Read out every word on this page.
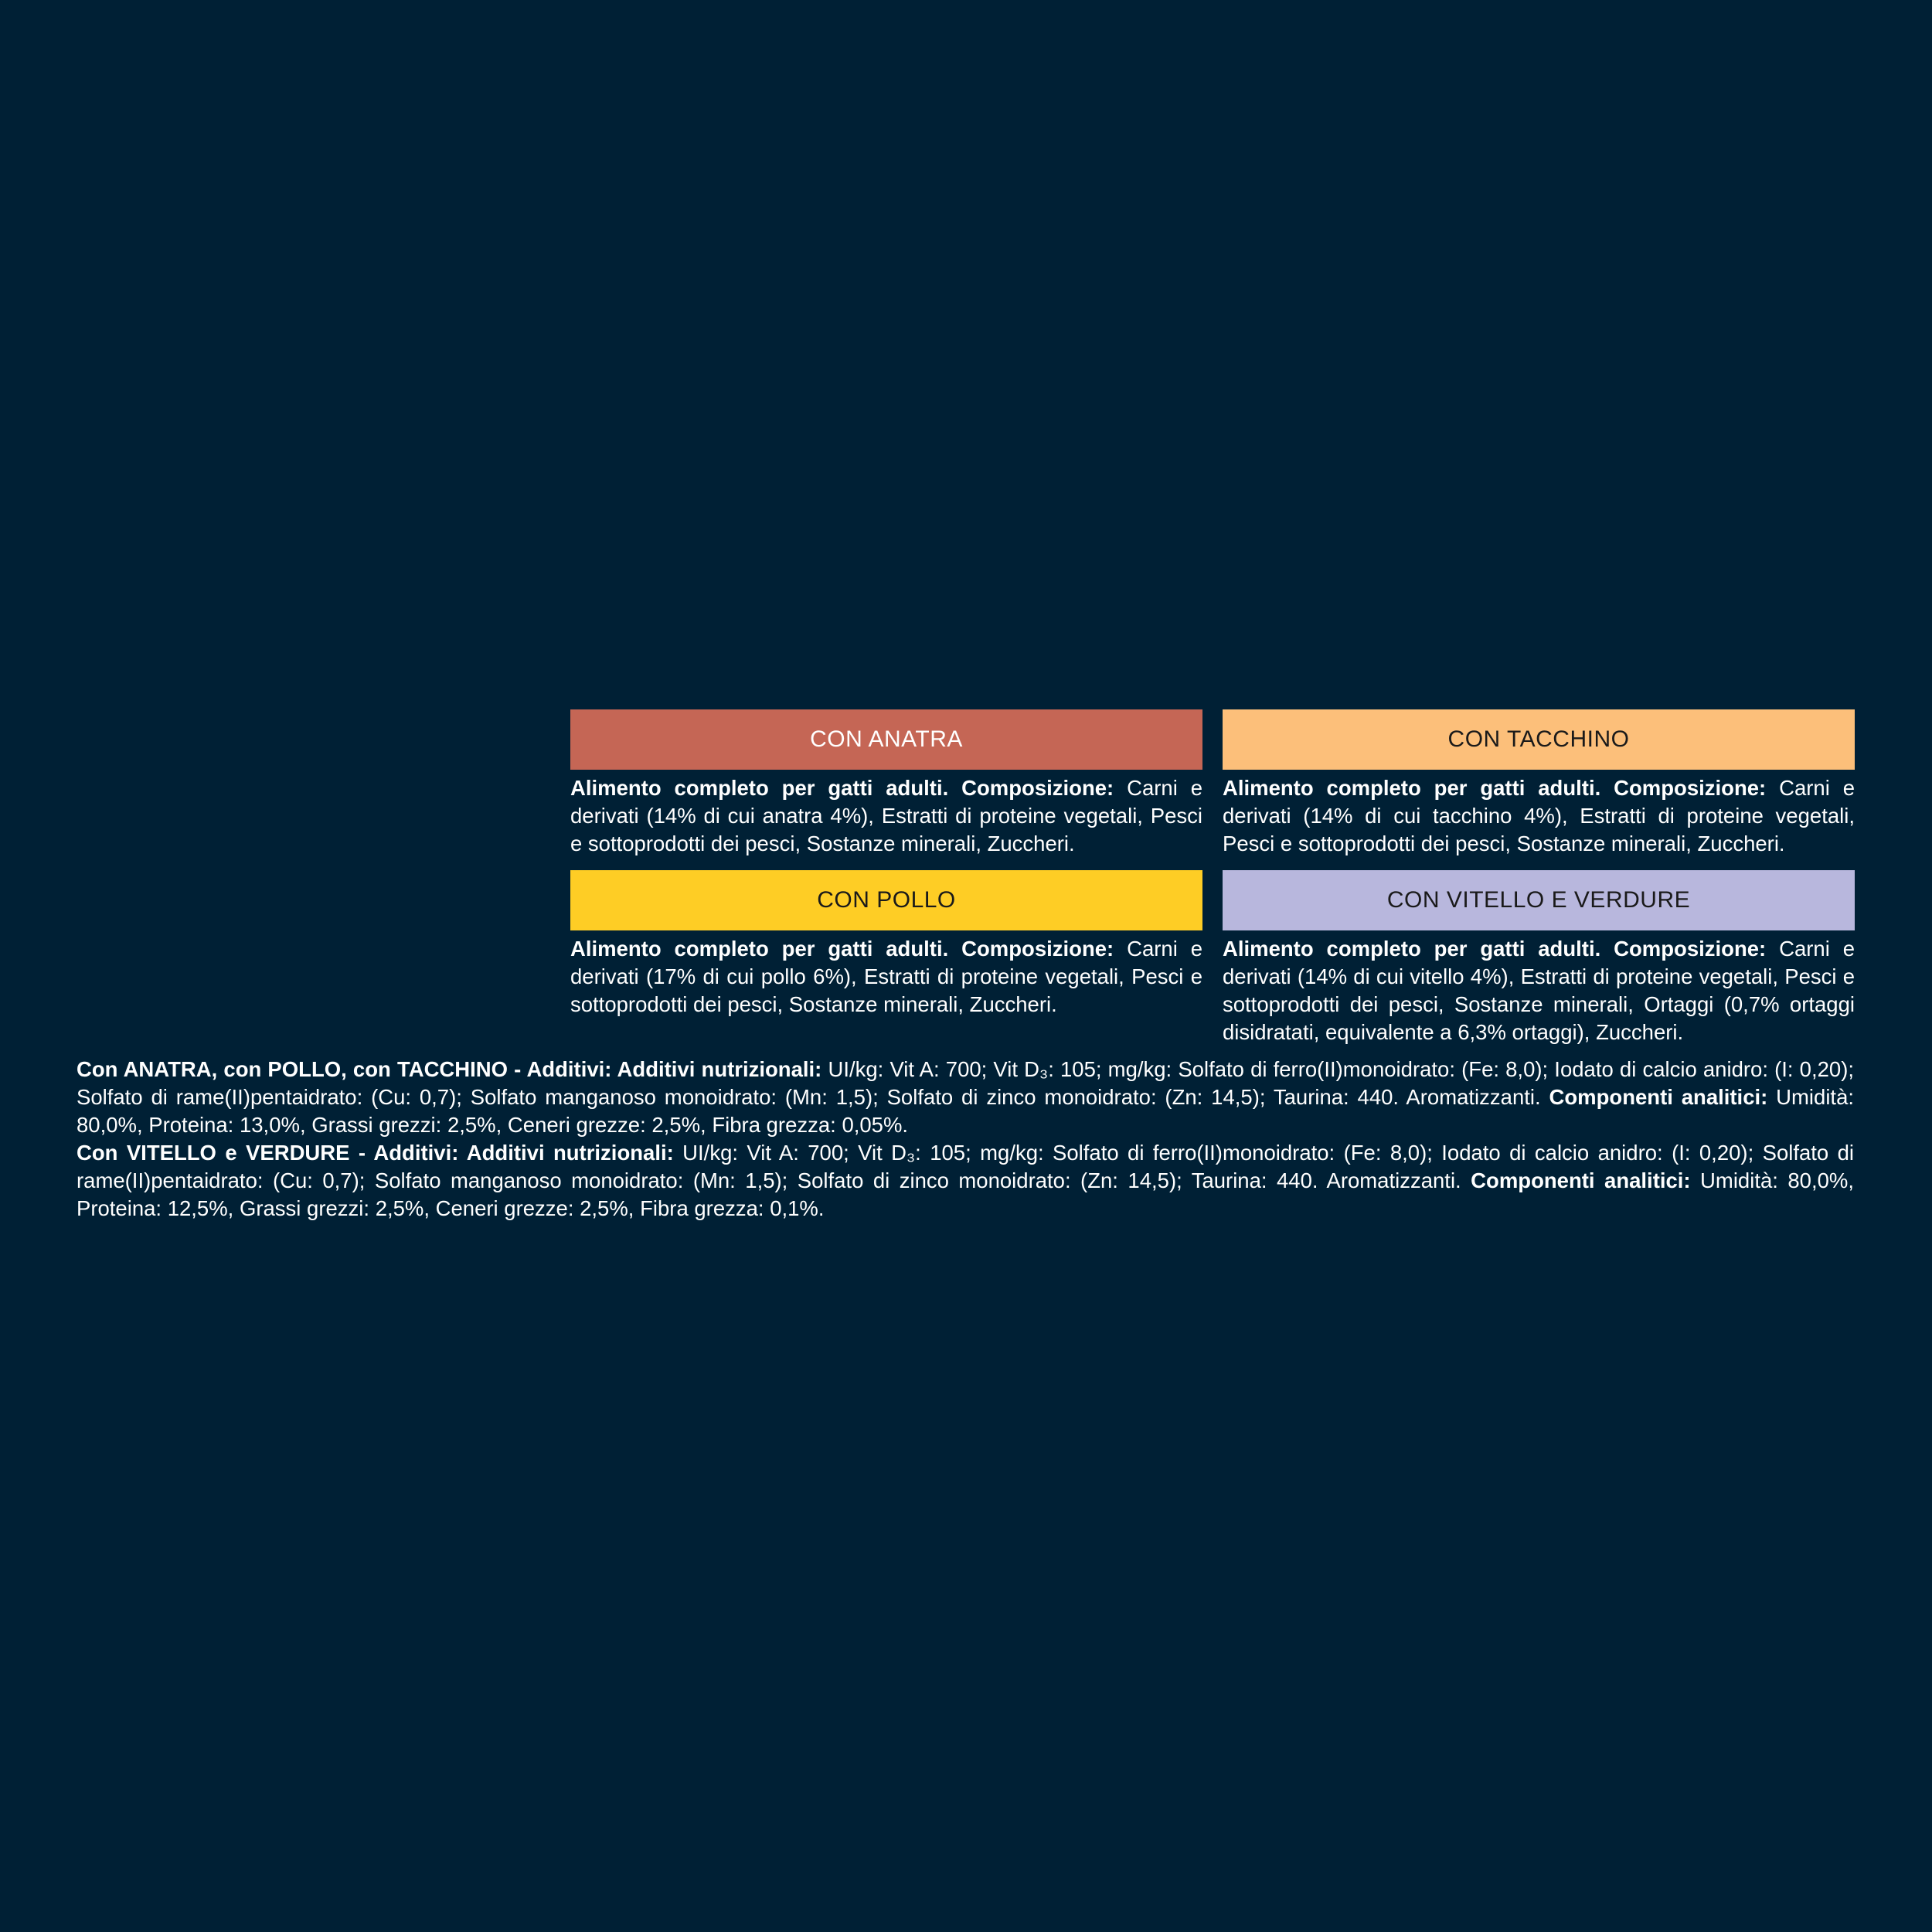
CON ANATRA
Alimento completo per gatti adulti. Composizione: Carni e derivati (14% di cui anatra 4%), Estratti di proteine vegetali, Pesci e sottoprodotti dei pesci, Sostanze minerali, Zuccheri.
CON TACCHINO
Alimento completo per gatti adulti. Composizione: Carni e derivati (14% di cui tacchino 4%), Estratti di proteine vegetali, Pesci e sottoprodotti dei pesci, Sostanze minerali, Zuccheri.
CON POLLO
Alimento completo per gatti adulti. Composizione: Carni e derivati (17% di cui pollo 6%), Estratti di proteine vegetali, Pesci e sottoprodotti dei pesci, Sostanze minerali, Zuccheri.
CON VITELLO E VERDURE
Alimento completo per gatti adulti. Composizione: Carni e derivati (14% di cui vitello 4%), Estratti di proteine vegetali, Pesci e sottoprodotti dei pesci, Sostanze minerali, Ortaggi (0,7% ortaggi disidratati, equivalente a 6,3% ortaggi), Zuccheri.

Con ANATRA, con POLLO, con TACCHINO - Additivi: Additivi nutrizionali: UI/kg: Vit A: 700; Vit D₃: 105; mg/kg: Solfato di ferro(II)monoidrato: (Fe: 8,0); Iodato di calcio anidro: (I: 0,20); Solfato di rame(II)pentaidrato: (Cu: 0,7); Solfato manganoso monoidrato: (Mn: 1,5); Solfato di zinco monoidrato: (Zn: 14,5); Taurina: 440. Aromatizzanti. Componenti analitici: Umidità: 80,0%, Proteina: 13,0%, Grassi grezzi: 2,5%, Ceneri grezze: 2,5%, Fibra grezza: 0,05%.

Con VITELLO e VERDURE - Additivi: Additivi nutrizionali: UI/kg: Vit A: 700; Vit D₃: 105; mg/kg: Solfato di ferro(II)monoidrato: (Fe: 8,0); Iodato di calcio anidro: (I: 0,20); Solfato di rame(II)pentaidrato: (Cu: 0,7); Solfato manganoso monoidrato: (Mn: 1,5); Solfato di zinco monoidrato: (Zn: 14,5); Taurina: 440. Aromatizzanti. Componenti analitici: Umidità: 80,0%, Proteina: 12,5%, Grassi grezzi: 2,5%, Ceneri grezze: 2,5%, Fibra grezza: 0,1%.
